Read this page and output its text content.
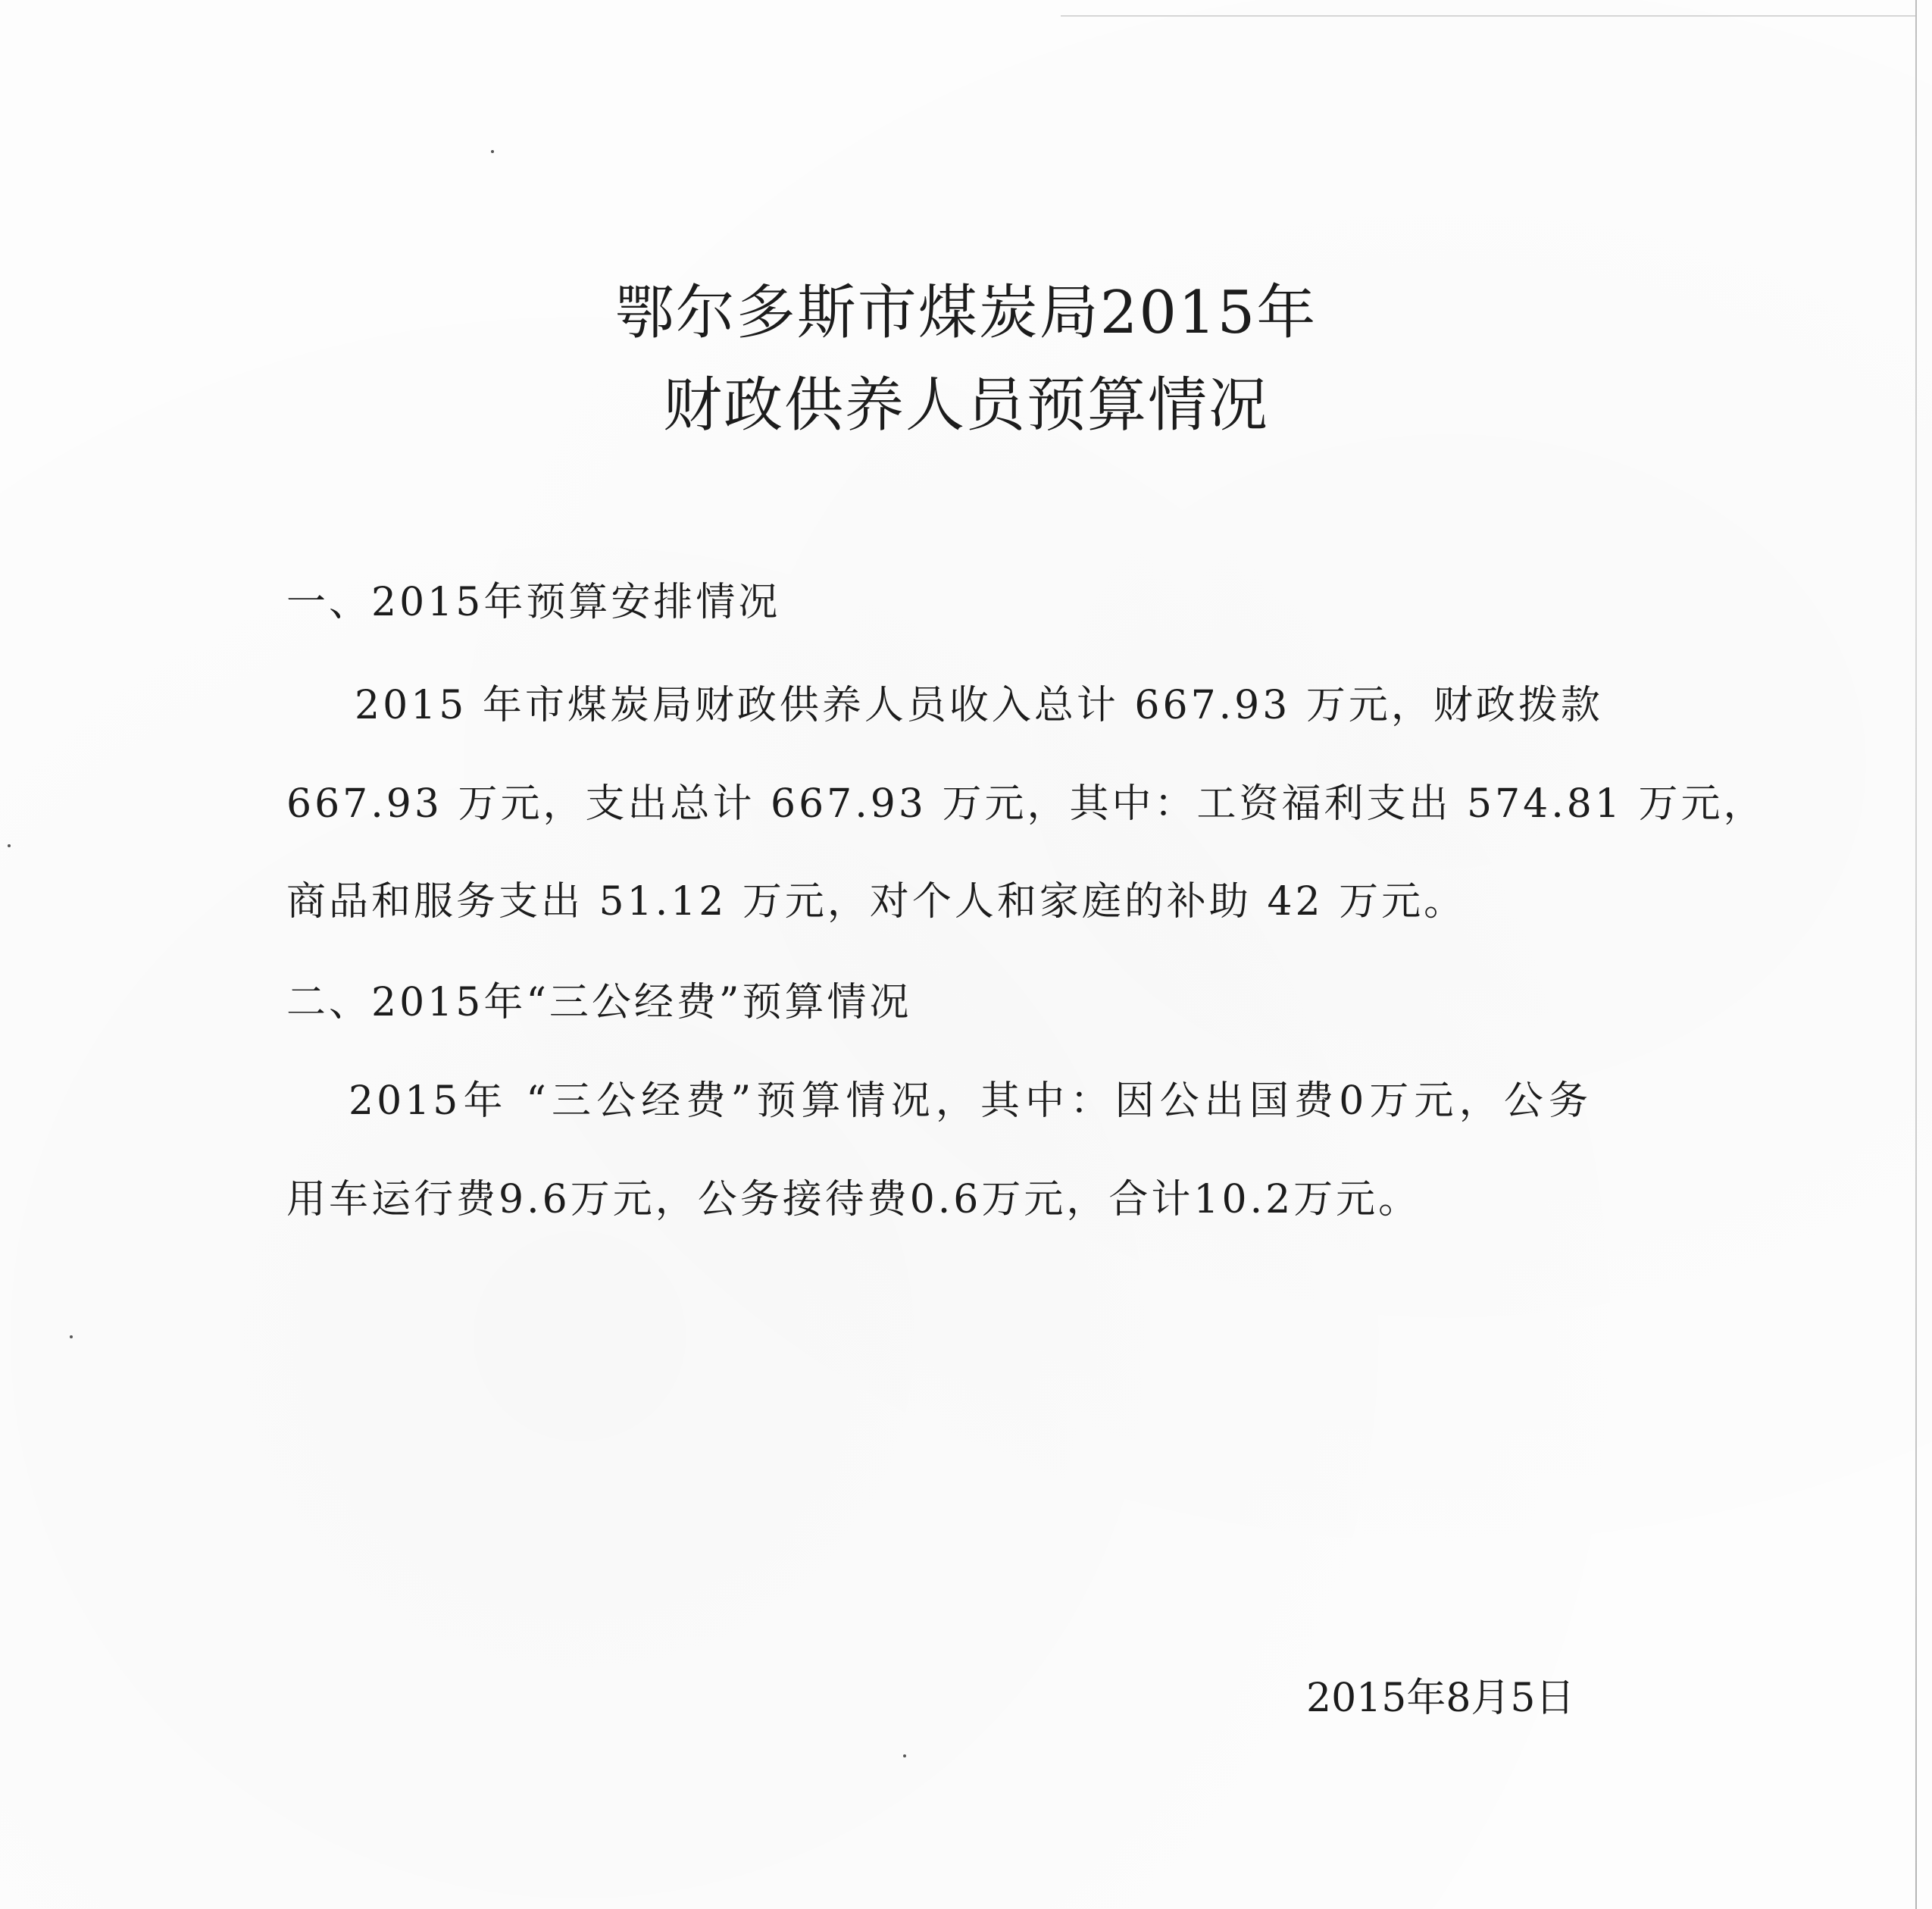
鄂尔多斯市煤炭局2015年
财政供养人员预算情况
一、2015年预算安排情况
2015 年市煤炭局财政供养人员收入总计 667.93 万元，财政拨款
667.93 万元，支出总计 667.93 万元，其中：工资福利支出 574.81 万元，
商品和服务支出 51.12 万元，对个人和家庭的补助 42 万元。
二、2015年“三公经费”预算情况
2015年 “三公经费”预算情况，其中：因公出国费0万元，公务
用车运行费9.6万元，公务接待费0.6万元，合计10.2万元。
2015年8月5日
